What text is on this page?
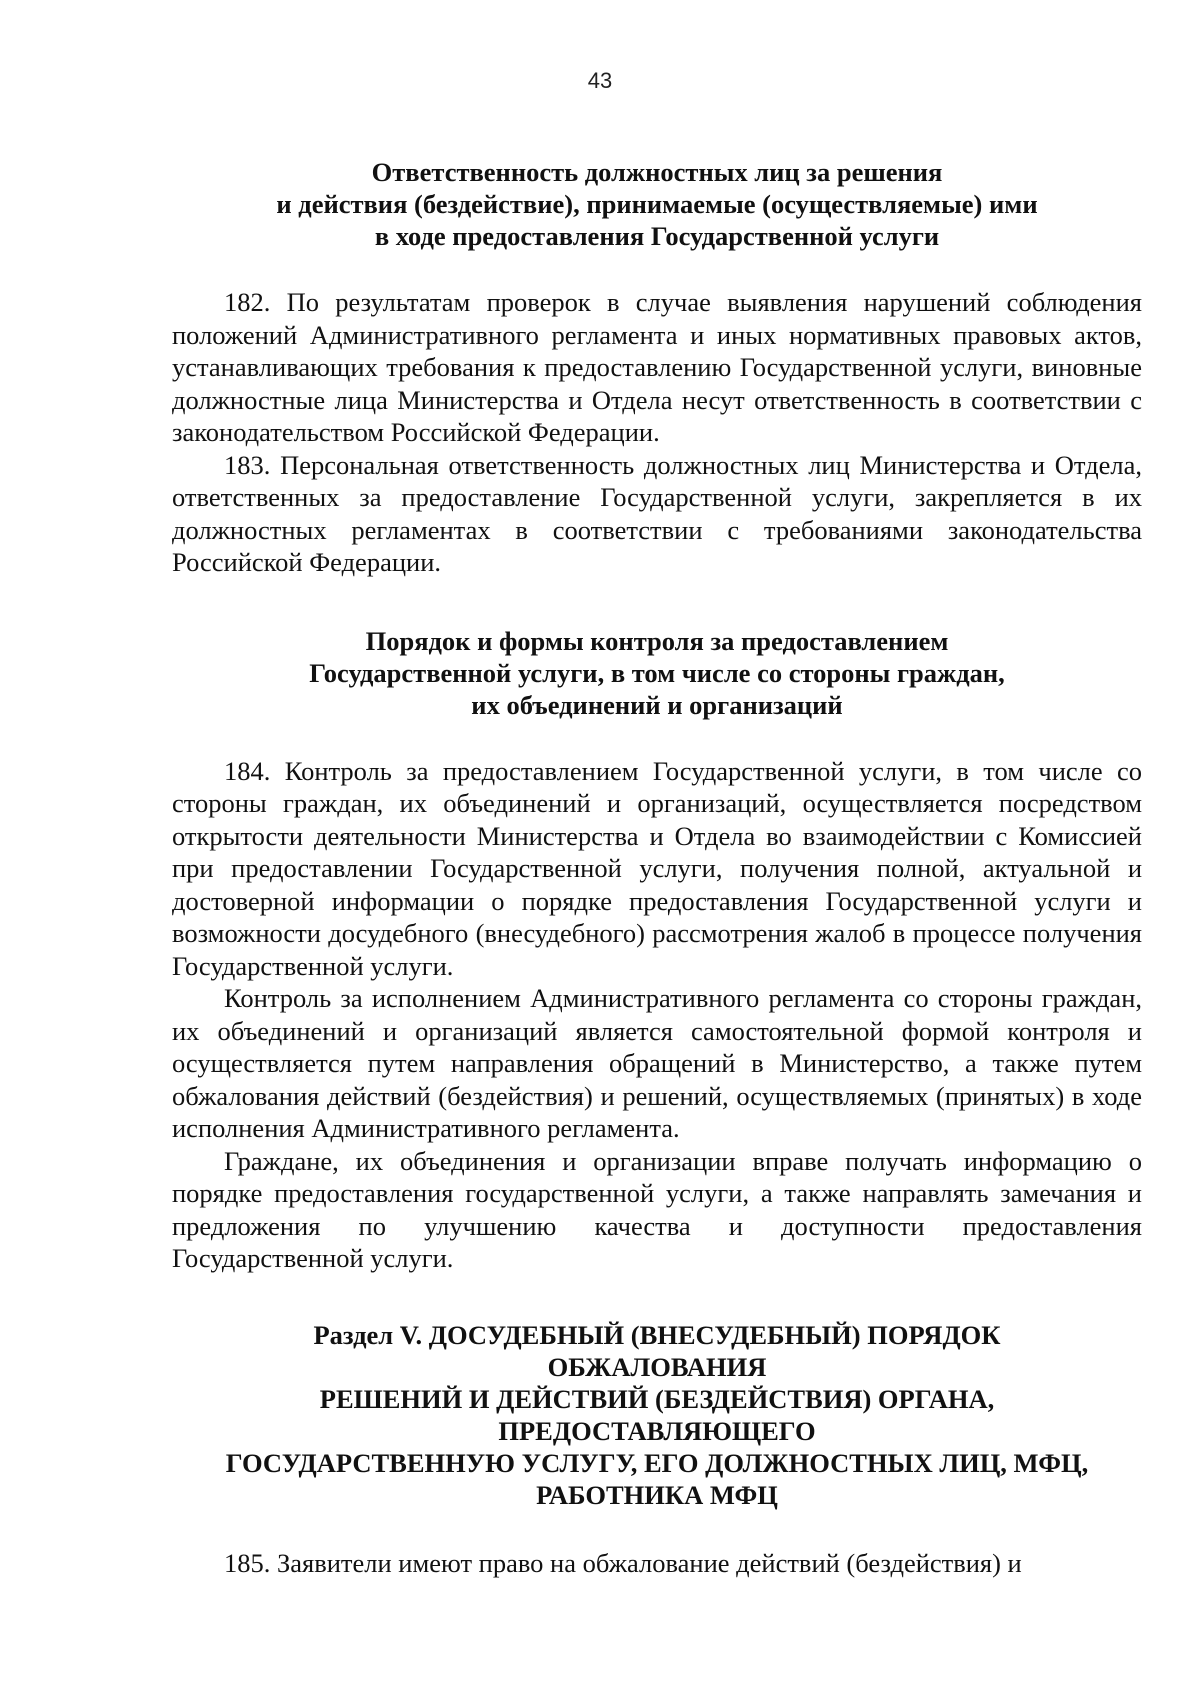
43
Ответственность должностных лиц за решения
и действия (бездействие), принимаемые (осуществляемые) ими
в ходе предоставления Государственной услуги

182. По результатам проверок в случае выявления нарушений соблюдения положений Административного регламента и иных нормативных правовых актов, устанавливающих требования к предоставлению Государственной услуги, виновные должностные лица Министерства и Отдела несут ответственность в соответствии с законодательством Российской Федерации.

183. Персональная ответственность должностных лиц Министерства и Отдела, ответственных за предоставление Государственной услуги, закрепляется в их должностных регламентах в соответствии с требованиями законодательства Российской Федерации.

Порядок и формы контроля за предоставлением
Государственной услуги, в том числе со стороны граждан,
их объединений и организаций

184. Контроль за предоставлением Государственной услуги, в том числе со стороны граждан, их объединений и организаций, осуществляется посредством открытости деятельности Министерства и Отдела во взаимодействии с Комиссией при предоставлении Государственной услуги, получения полной, актуальной и достоверной информации о порядке предоставления Государственной услуги и возможности досудебного (внесудебного) рассмотрения жалоб в процессе получения Государственной услуги.

Контроль за исполнением Административного регламента со стороны граждан, их объединений и организаций является самостоятельной формой контроля и осуществляется путем направления обращений в Министерство, а также путем обжалования действий (бездействия) и решений, осуществляемых (принятых) в ходе исполнения Административного регламента.

Граждане, их объединения и организации вправе получать информацию о порядке предоставления государственной услуги, а также направлять замечания и предложения по улучшению качества и доступности предоставления Государственной услуги.

Раздел V. ДОСУДЕБНЫЙ (ВНЕСУДЕБНЫЙ) ПОРЯДОК
ОБЖАЛОВАНИЯ
РЕШЕНИЙ И ДЕЙСТВИЙ (БЕЗДЕЙСТВИЯ) ОРГАНА,
ПРЕДОСТАВЛЯЮЩЕГО
ГОСУДАРСТВЕННУЮ УСЛУГУ, ЕГО ДОЛЖНОСТНЫХ ЛИЦ, МФЦ,
РАБОТНИКА МФЦ

185. Заявители имеют право на обжалование действий (бездействия) и
